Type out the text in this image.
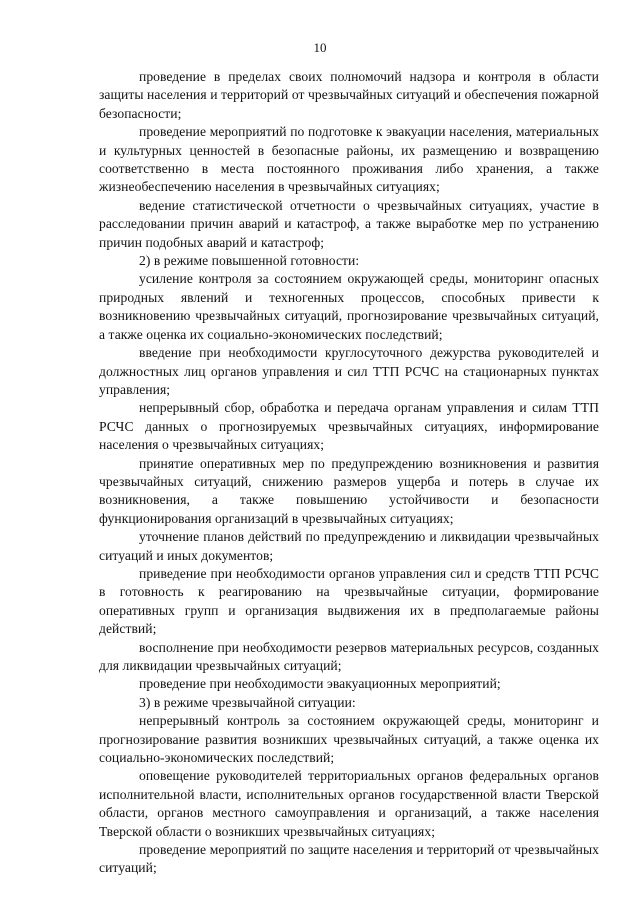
10

проведение в пределах своих полномочий надзора и контроля в области защиты населения и территорий от чрезвычайных ситуаций и обеспечения пожарной безопасности;

проведение мероприятий по подготовке к эвакуации населения, материальных и культурных ценностей в безопасные районы, их размещению и возвращению соответственно в места постоянного проживания либо хранения, а также жизнеобеспечению населения в чрезвычайных ситуациях;

ведение статистической отчетности о чрезвычайных ситуациях, участие в расследовании причин аварий и катастроф, а также выработке мер по устранению причин подобных аварий и катастроф;

2) в режиме повышенной готовности:

усиление контроля за состоянием окружающей среды, мониторинг опасных природных явлений и техногенных процессов, способных привести к возникновению чрезвычайных ситуаций, прогнозирование чрезвычайных ситуаций, а также оценка их социально-экономических последствий;

введение при необходимости круглосуточного дежурства руководителей и должностных лиц органов управления и сил ТТП РСЧС на стационарных пунктах управления;

непрерывный сбор, обработка и передача органам управления и силам ТТП РСЧС данных о прогнозируемых чрезвычайных ситуациях, информирование населения о чрезвычайных ситуациях;

принятие оперативных мер по предупреждению возникновения и развития чрезвычайных ситуаций, снижению размеров ущерба и потерь в случае их возникновения, а также повышению устойчивости и безопасности функционирования организаций в чрезвычайных ситуациях;

уточнение планов действий по предупреждению и ликвидации чрезвычайных ситуаций и иных документов;

приведение при необходимости органов управления сил и средств ТТП РСЧС в готовность к реагированию на чрезвычайные ситуации, формирование оперативных групп и организация выдвижения их в предполагаемые районы действий;

восполнение при необходимости резервов материальных ресурсов, созданных для ликвидации чрезвычайных ситуаций;

проведение при необходимости эвакуационных мероприятий;

3) в режиме чрезвычайной ситуации:

непрерывный контроль за состоянием окружающей среды, мониторинг и прогнозирование развития возникших чрезвычайных ситуаций, а также оценка их социально-экономических последствий;

оповещение руководителей территориальных органов федеральных органов исполнительной власти, исполнительных органов государственной власти Тверской области, органов местного самоуправления и организаций, а также населения Тверской области о возникших чрезвычайных ситуациях;

проведение мероприятий по защите населения и территорий от чрезвычайных ситуаций;
